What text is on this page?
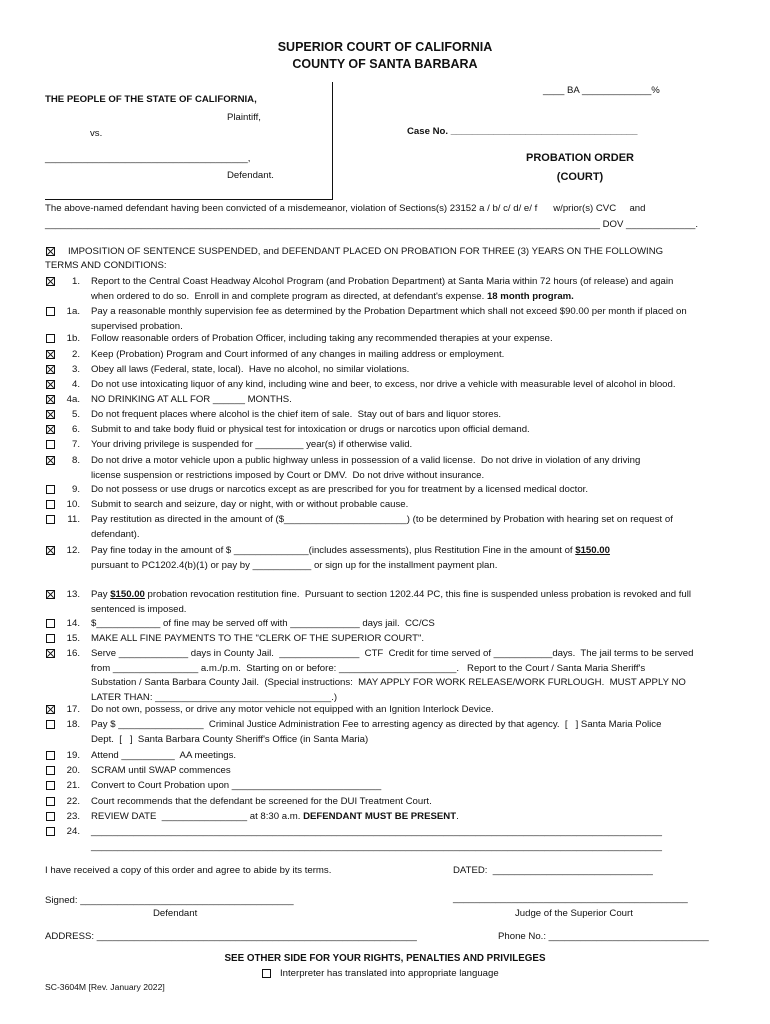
SUPERIOR COURT OF CALIFORNIA
COUNTY OF SANTA BARBARA
____ BA _____________%
THE PEOPLE OF THE STATE OF CALIFORNIA,
Plaintiff,
vs.
______________________________________,
Defendant.
Case No. ___________________________________
PROBATION ORDER
(COURT)
The above-named defendant having been convicted of a misdemeanor, violation of Sections(s) 23152 a / b/ c/ d/ e/ f      w/prior(s) CVC     and
________________________________________________________________________________________________________ DOV _____________.
IMPOSITION OF SENTENCE SUSPENDED, and DEFENDANT PLACED ON PROBATION FOR THREE (3) YEARS ON THE FOLLOWING
TERMS AND CONDITIONS:
1. Report to the Central Coast Headway Alcohol Program (and Probation Department) at Santa Maria within 72 hours (of release) and again
when ordered to do so.  Enroll in and complete program as directed, at defendant's expense. 18 month program.
1a. Pay a reasonable monthly supervision fee as determined by the Probation Department which shall not exceed $90.00 per month if placed on
supervised probation.
1b. Follow reasonable orders of Probation Officer, including taking any recommended therapies at your expense.
2. Keep (Probation) Program and Court informed of any changes in mailing address or employment.
3. Obey all laws (Federal, state, local).  Have no alcohol, no similar violations.
4. Do not use intoxicating liquor of any kind, including wine and beer, to excess, nor drive a vehicle with measurable level of alcohol in blood.
4a. NO DRINKING AT ALL FOR ______ MONTHS.
5. Do not frequent places where alcohol is the chief item of sale.  Stay out of bars and liquor stores.
6. Submit to and take body fluid or physical test for intoxication or drugs or narcotics upon official demand.
7. Your driving privilege is suspended for _________ year(s) if otherwise valid.
8. Do not drive a motor vehicle upon a public highway unless in possession of a valid license.  Do not drive in violation of any driving
license suspension or restrictions imposed by Court or DMV.  Do not drive without insurance.
9. Do not possess or use drugs or narcotics except as are prescribed for you for treatment by a licensed medical doctor.
10. Submit to search and seizure, day or night, with or without probable cause.
11. Pay restitution as directed in the amount of ($_______________________) (to be determined by Probation with hearing set on request of
defendant).
12. Pay fine today in the amount of $ ______________(includes assessments), plus Restitution Fine in the amount of $150.00
pursuant to PC1202.4(b)(1) or pay by ___________ or sign up for the installment payment plan.
13. Pay $150.00 probation revocation restitution fine.  Pursuant to section 1202.44 PC, this fine is suspended unless probation is revoked and full
sentenced is imposed.
14. $____________ of fine may be served off with _____________ days jail.  CC/CS
15. MAKE ALL FINE PAYMENTS TO THE "CLERK OF THE SUPERIOR COURT".
16. Serve _____________ days in County Jail.  _______________  CTF  Credit for time served of ___________days.  The jail terms to be served
from ________________ a.m./p.m.  Starting on or before: ______________________.   Report to the Court / Santa Maria Sheriff's
Substation / Santa Barbara County Jail.  (Special instructions:  MAY APPLY FOR WORK RELEASE/WORK FURLOUGH.  MUST APPLY NO
LATER THAN: _________________________________.)
17. Do not own, possess, or drive any motor vehicle not equipped with an Ignition Interlock Device.
18. Pay $ ________________  Criminal Justice Administration Fee to arresting agency as directed by that agency.  [   ] Santa Maria Police
Dept.  [   ]  Santa Barbara County Sheriff's Office (in Santa Maria)
19. Attend __________  AA meetings.
20. SCRAM until SWAP commences
21. Convert to Court Probation upon ____________________________
22. Court recommends that the defendant be screened for the DUI Treatment Court.
23. REVIEW DATE  ________________ at 8:30 a.m. DEFENDANT MUST BE PRESENT.
24. ___________________________________________________________________________________________________________
___________________________________________________________________________________________________________
I have received a copy of this order and agree to abide by its terms.	DATED:  ______________________________
Signed: ________________________________________	____________________________________________
Defendant	Judge of the Superior Court
ADDRESS: ____________________________________________________________	Phone No.: ______________________________
SEE OTHER SIDE FOR YOUR RIGHTS, PENALTIES AND PRIVILEGES
Interpreter has translated into appropriate language
SC-3604M [Rev. January 2022]
